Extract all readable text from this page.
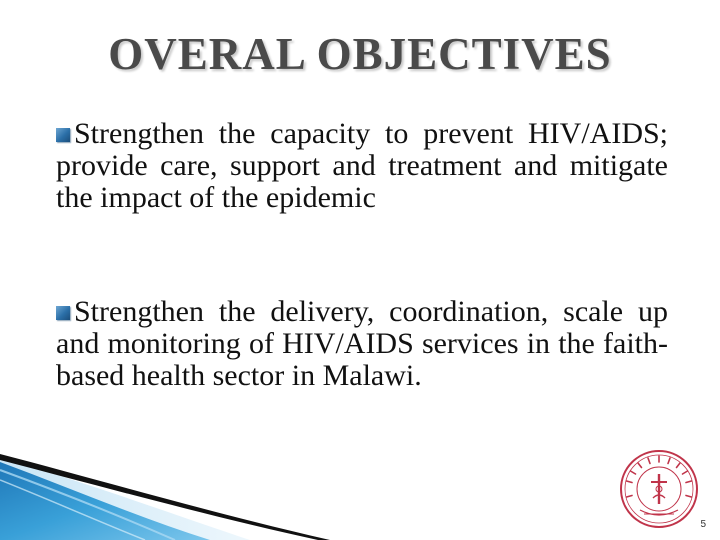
OVERAL OBJECTIVES
Strengthen the capacity to prevent HIV/AIDS; provide care, support and treatment and mitigate the impact of the epidemic
Strengthen the delivery, coordination, scale up and monitoring of HIV/AIDS services in the faith-based health sector in Malawi.
5
